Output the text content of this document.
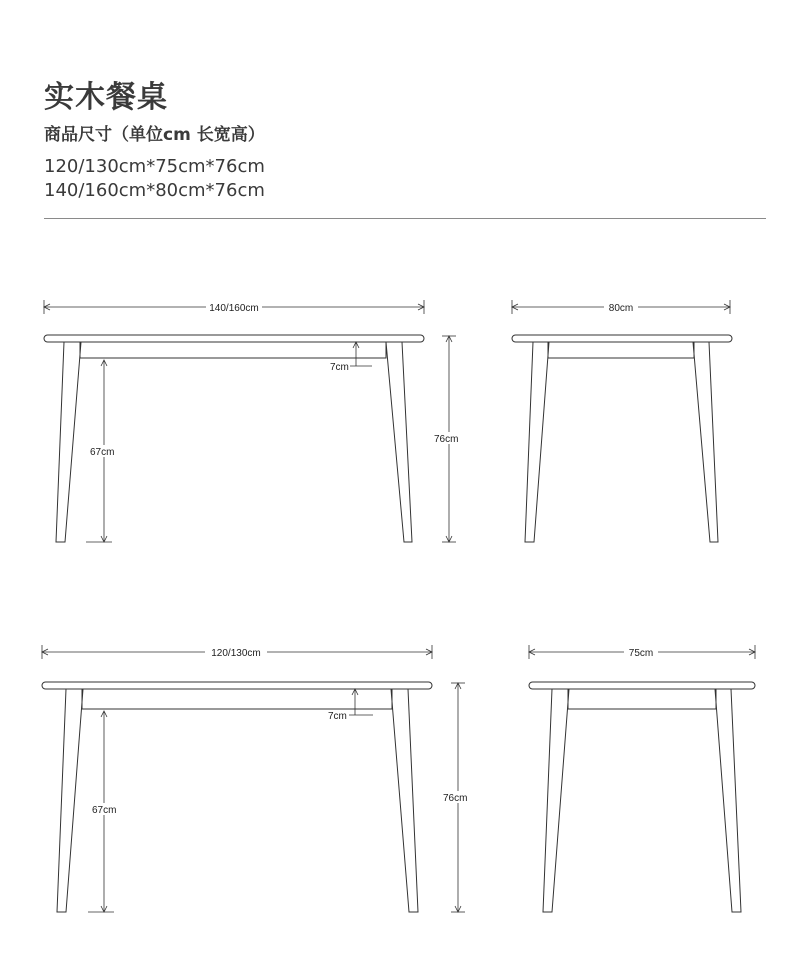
实木餐桌
商品尺寸（单位cm 长宽高）
120/130cm*75cm*76cm
140/160cm*80cm*76cm
140/160cm
7cm
67cm
76cm
80cm
120/130cm
7cm
67cm
76cm
75cm
